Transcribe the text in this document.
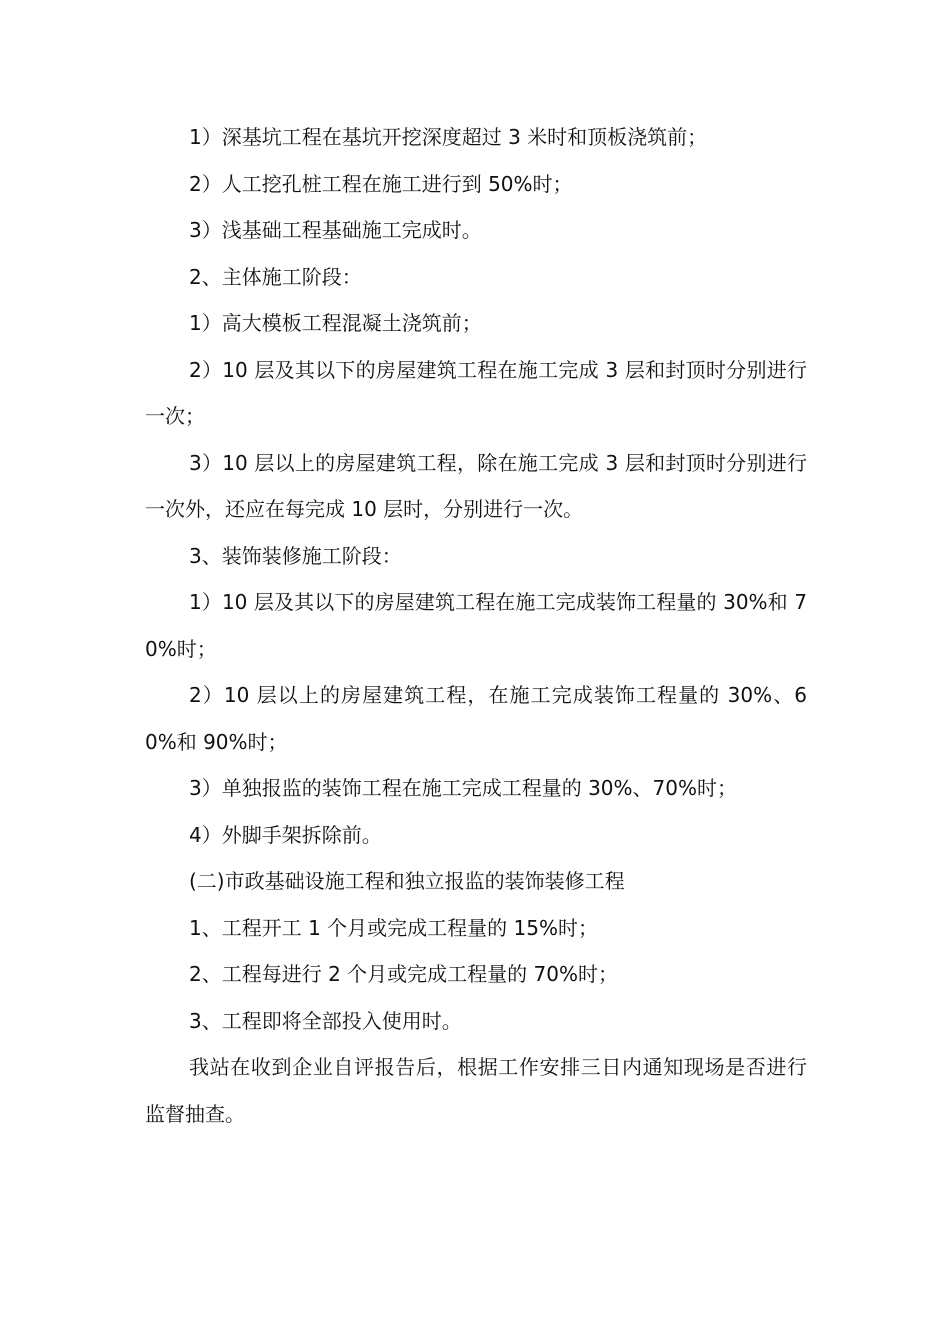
1）深基坑工程在基坑开挖深度超过 3 米时和顶板浇筑前；

2）人工挖孔桩工程在施工进行到 50%时；

3）浅基础工程基础施工完成时。

2、主体施工阶段：

1）高大模板工程混凝土浇筑前；

2）10 层及其以下的房屋建筑工程在施工完成 3 层和封顶时分别进行一次；

3）10 层以上的房屋建筑工程，除在施工完成 3 层和封顶时分别进行一次外，还应在每完成 10 层时，分别进行一次。

3、装饰装修施工阶段：

1）10 层及其以下的房屋建筑工程在施工完成装饰工程量的 30%和 70%时；

2）10 层以上的房屋建筑工程，在施工完成装饰工程量的 30%、60%和 90%时；

3）单独报监的装饰工程在施工完成工程量的 30%、70%时；

4）外脚手架拆除前。

(二)市政基础设施工程和独立报监的装饰装修工程

1、工程开工 1 个月或完成工程量的 15%时；

2、工程每进行 2 个月或完成工程量的 70%时；

3、工程即将全部投入使用时。

我站在收到企业自评报告后，根据工作安排三日内通知现场是否进行监督抽查。
